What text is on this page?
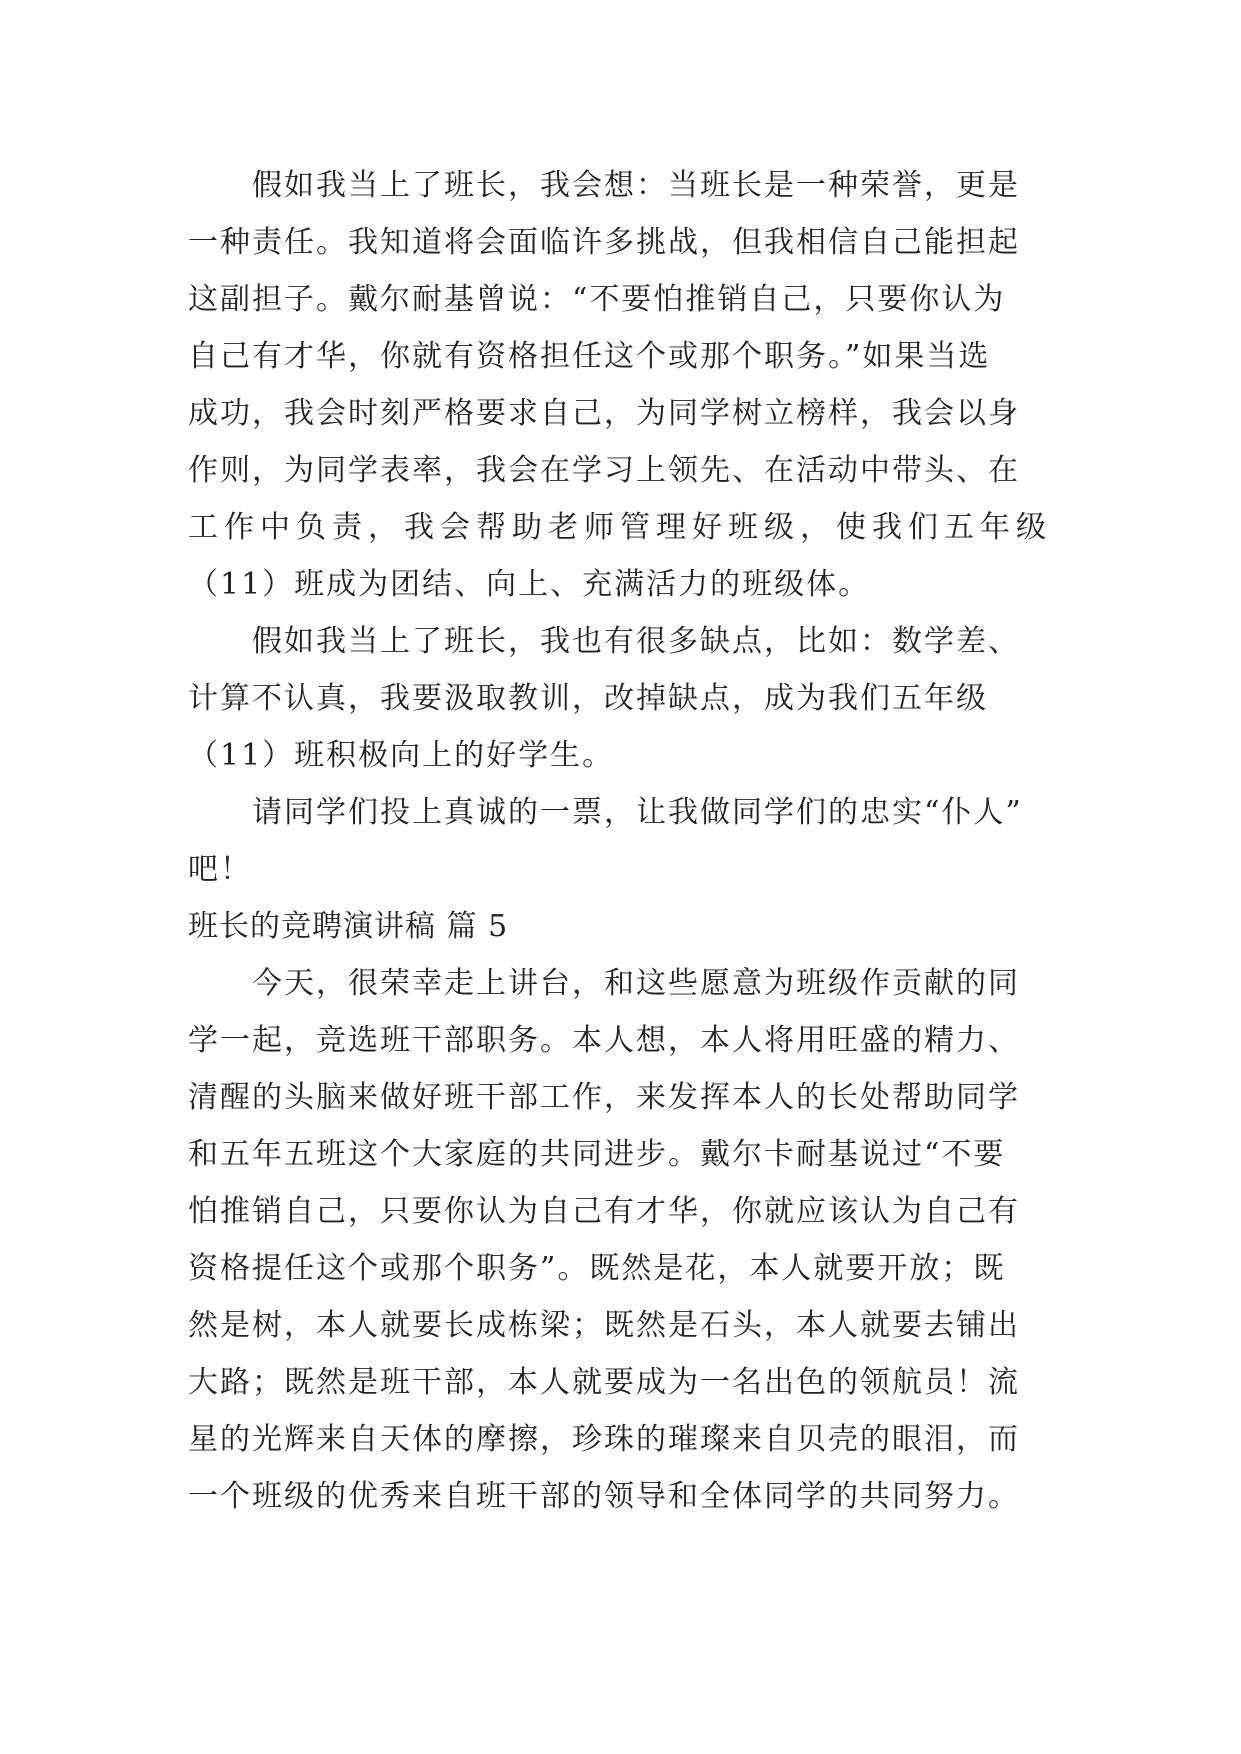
假如我当上了班长，我会想：当班长是一种荣誉，更是
一种责任。我知道将会面临许多挑战，但我相信自己能担起
这副担子。戴尔耐基曾说：“不要怕推销自己，只要你认为
自己有才华，你就有资格担任这个或那个职务。”如果当选
成功，我会时刻严格要求自己，为同学树立榜样，我会以身
作则，为同学表率，我会在学习上领先、在活动中带头、在
工作中负责，我会帮助老师管理好班级，使我们五年级
（11）班成为团结、向上、充满活力的班级体。
假如我当上了班长，我也有很多缺点，比如：数学差、
计算不认真，我要汲取教训，改掉缺点，成为我们五年级
（11）班积极向上的好学生。
请同学们投上真诚的一票，让我做同学们的忠实“仆人”
吧！
班长的竞聘演讲稿 篇 5
今天，很荣幸走上讲台，和这些愿意为班级作贡献的同
学一起，竞选班干部职务。本人想，本人将用旺盛的精力、
清醒的头脑来做好班干部工作，来发挥本人的长处帮助同学
和五年五班这个大家庭的共同进步。戴尔卡耐基说过“不要
怕推销自己，只要你认为自己有才华，你就应该认为自己有
资格提任这个或那个职务”。既然是花，本人就要开放；既
然是树，本人就要长成栋梁；既然是石头，本人就要去铺出
大路；既然是班干部，本人就要成为一名出色的领航员！流
星的光辉来自天体的摩擦，珍珠的璀璨来自贝壳的眼泪，而
一个班级的优秀来自班干部的领导和全体同学的共同努力。
